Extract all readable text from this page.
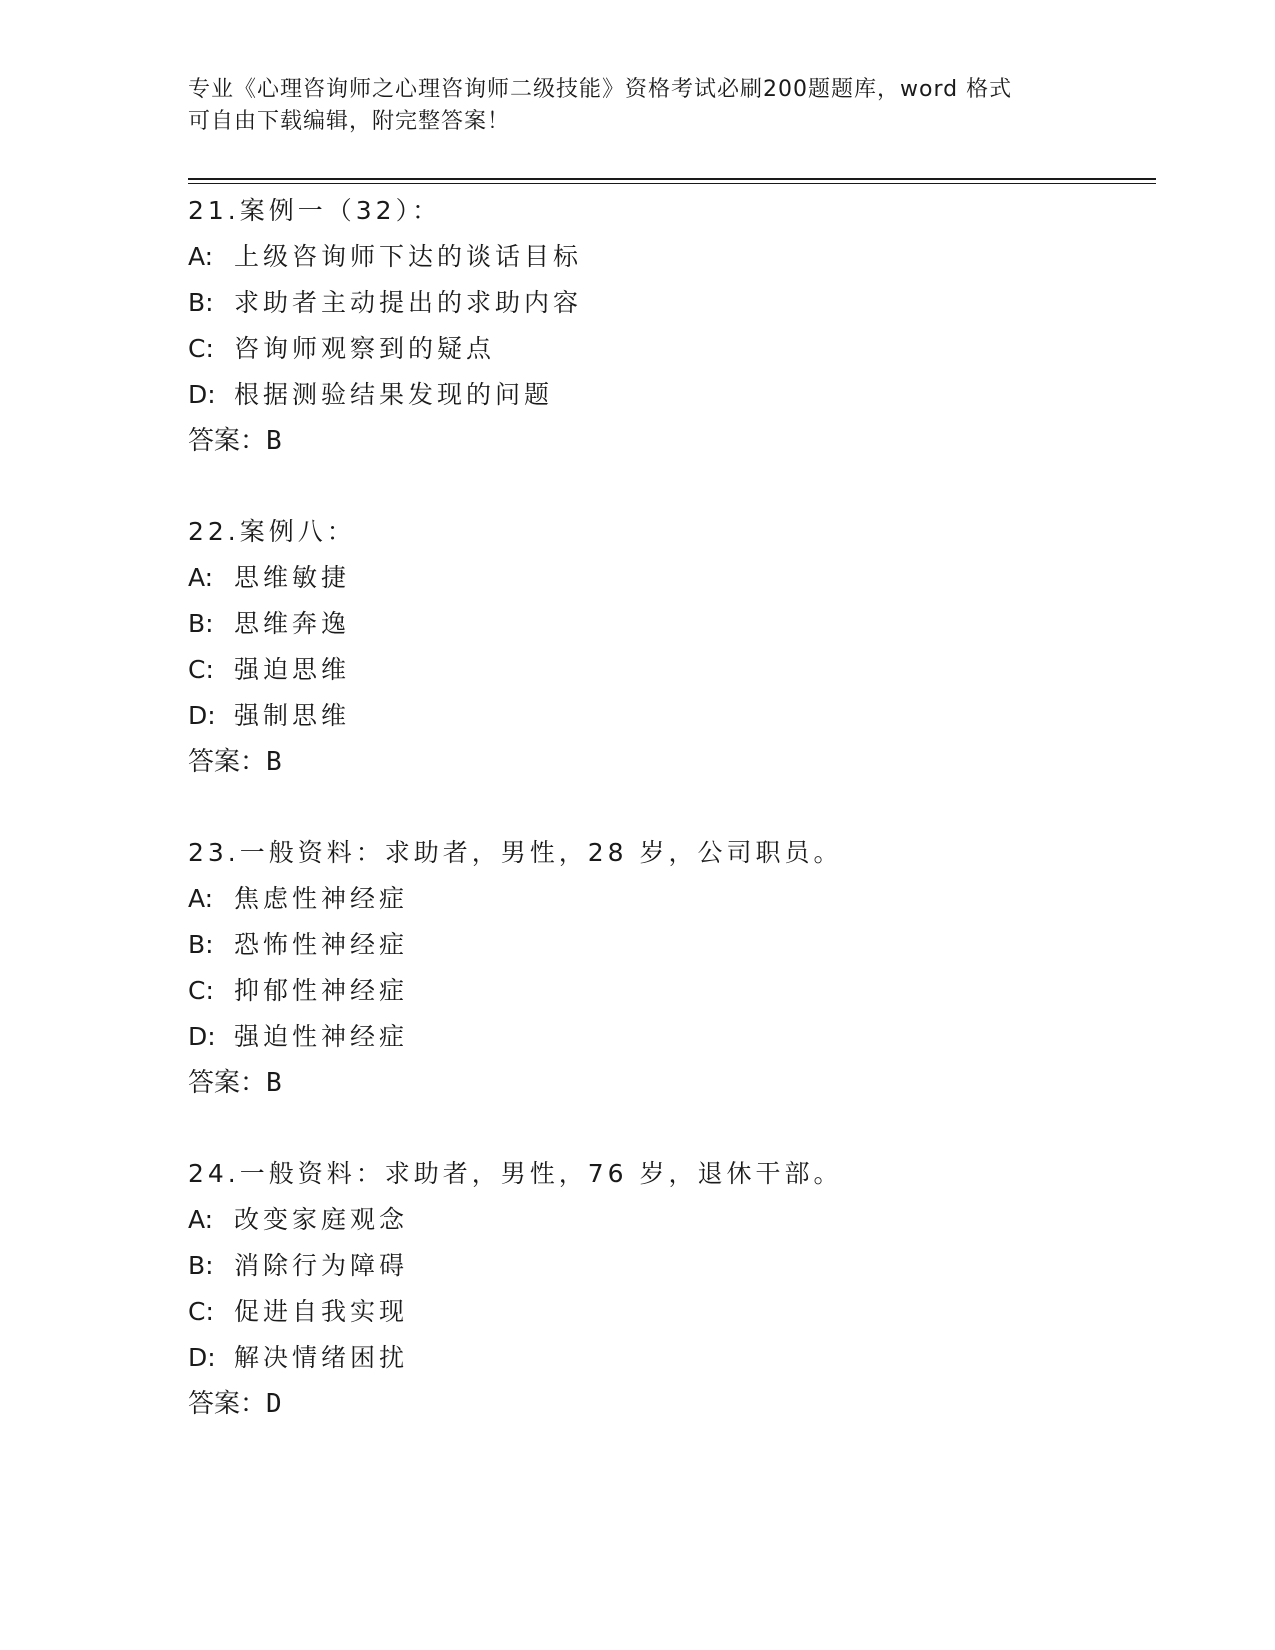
专业《心理咨询师之心理咨询师二级技能》资格考试必刷200题题库，word 格式
可自由下载编辑，附完整答案！
21.案例一（32）：
A: 上级咨询师下达的谈话目标
B: 求助者主动提出的求助内容
C: 咨询师观察到的疑点
D: 根据测验结果发现的问题
答案：B
22.案例八：
A: 思维敏捷
B: 思维奔逸
C: 强迫思维
D: 强制思维
答案：B
23.一般资料：求助者，男性，28 岁，公司职员。
A: 焦虑性神经症
B: 恐怖性神经症
C: 抑郁性神经症
D: 强迫性神经症
答案：B
24.一般资料：求助者，男性，76 岁，退休干部。
A: 改变家庭观念
B: 消除行为障碍
C: 促进自我实现
D: 解决情绪困扰
答案：D
